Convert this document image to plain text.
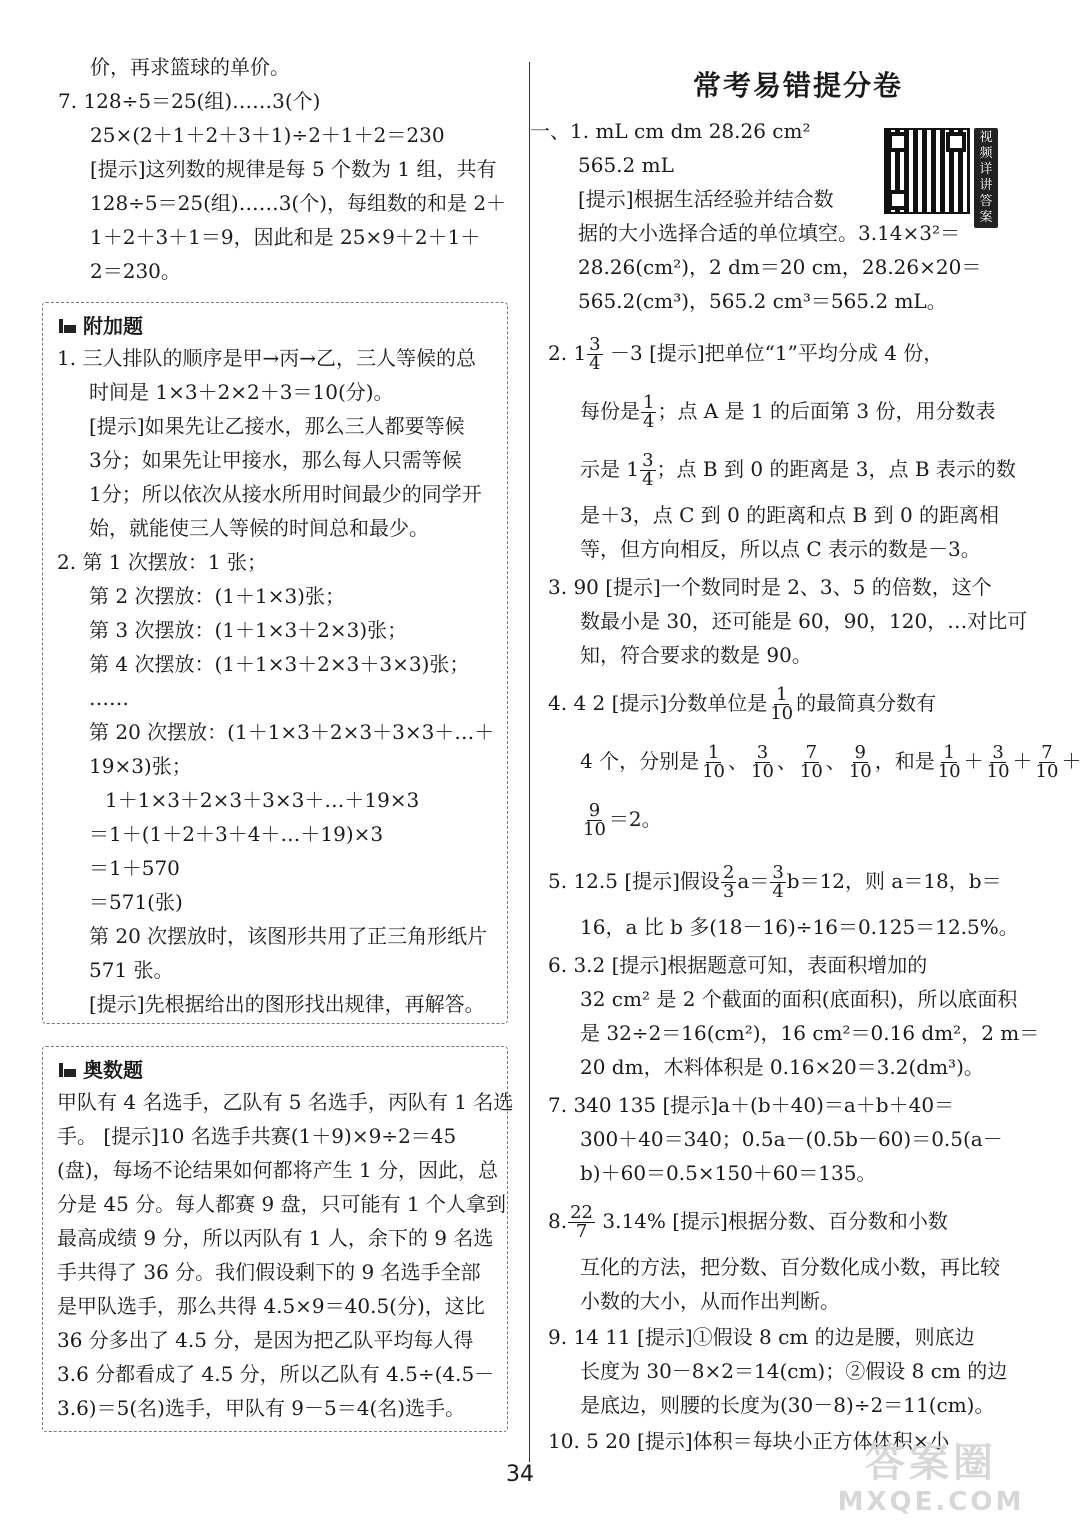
价，再求篮球的单价。
7. 128÷5＝25(组)……3(个)
25×(2＋1＋2＋3＋1)÷2＋1＋2＝230
[提示]这列数的规律是每 5 个数为 1 组，共有
128÷5＝25(组)……3(个)，每组数的和是 2＋
1＋2＋3＋1＝9，因此和是 25×9＋2＋1＋
2＝230。
附加题
1. 三人排队的顺序是甲→丙→乙，三人等候的总
时间是 1×3＋2×2＋3＝10(分)。
[提示]如果先让乙接水，那么三人都要等候
3分；如果先让甲接水，那么每人只需等候
1分；所以依次从接水所用时间最少的同学开
始，就能使三人等候的时间总和最少。
2. 第 1 次摆放：1 张；
第 2 次摆放：(1＋1×3)张；
第 3 次摆放：(1＋1×3＋2×3)张；
第 4 次摆放：(1＋1×3＋2×3＋3×3)张；
……
第 20 次摆放：(1＋1×3＋2×3＋3×3＋…＋
19×3)张；
1＋1×3＋2×3＋3×3＋…＋19×3
＝1＋(1＋2＋3＋4＋…＋19)×3
＝1＋570
＝571(张)
第 20 次摆放时，该图形共用了正三角形纸片
571 张。
[提示]先根据给出的图形找出规律，再解答。
奥数题
甲队有 4 名选手，乙队有 5 名选手，丙队有 1 名选
手。 [提示]10 名选手共赛(1＋9)×9÷2＝45
(盘)，每场不论结果如何都将产生 1 分，因此，总
分是 45 分。每人都赛 9 盘，只可能有 1 个人拿到
最高成绩 9 分，所以丙队有 1 人，余下的 9 名选
手共得了 36 分。我们假设剩下的 9 名选手全部
是甲队选手，那么共得 4.5×9＝40.5(分)，这比
36 分多出了 4.5 分，是因为把乙队平均每人得
3.6 分都看成了 4.5 分，所以乙队有 4.5÷(4.5－
3.6)＝5(名)选手，甲队有 9－5＝4(名)选手。
常考易错提分卷
视频详讲答案
一、1. mL cm dm 28.26 cm²
565.2 mL
[提示]根据生活经验并结合数
据的大小选择合适的单位填空。3.14×3²＝
28.26(cm²)，2 dm＝20 cm，28.26×20＝
565.2(cm³)，565.2 cm³＝565.2 mL。
2. $1 \frac{3}{4} -3$ [提示]把单位“1”平均分成 4 份，
每份是 $\frac{1}{4}$ ；点 A 是 1 的后面第 3 份，用分数表
示是 $1 \frac{3}{4}$ ；点 B 到 0 的距离是 3，点 B 表示的数
是＋3，点 C 到 0 的距离和点 B 到 0 的距离相
等，但方向相反，所以点 C 表示的数是－3。
3. 90 [提示]一个数同时是 2、3、5 的倍数，这个
数最小是 30，还可能是 60，90，120，…对比可
知，符合要求的数是 90。
4. 4 2 [提示]分数单位是 $\frac{1}{10}$ 的最简真分数有
4 个，分别是 $\frac{1}{10}$ 、 $\frac{3}{10}$ 、 $\frac{7}{10}$ 、 $\frac{9}{10}$ ，和是 $\frac{1}{10} + \frac{3}{10} + \frac{7}{10}$ ＋
$\frac{9}{10} =2$。
5. 12.5 [提示]假设 $\frac{2}{3} a= \frac{3}{4} b=12$，则 a＝18，b＝
16，a 比 b 多(18－16)÷16＝0.125＝12.5%。
6. 3.2 [提示]根据题意可知，表面积增加的
32 cm² 是 2 个截面的面积(底面积)，所以底面积
是 32÷2＝16(cm²)，16 cm²＝0.16 dm²，2 m＝
20 dm，木料体积是 0.16×20＝3.2(dm³)。
7. 340 135 [提示]a＋(b＋40)＝a＋b＋40＝
300＋40＝340；0.5a－(0.5b－60)＝0.5(a－
b)＋60＝0.5×150＋60＝135。
8. $\frac{22}{7} 3.14\%$ [提示]根据分数、百分数和小数
互化的方法，把分数、百分数化成小数，再比较
小数的大小，从而作出判断。
9. 14 11 [提示]①假设 8 cm 的边是腰，则底边
长度为 30－8×2＝14(cm)；②假设 8 cm 的边
是底边，则腰的长度为(30－8)÷2＝11(cm)。
10. 5 20 [提示]体积＝每块小正方体体积×小
34	答案圈
MXQE.COM
